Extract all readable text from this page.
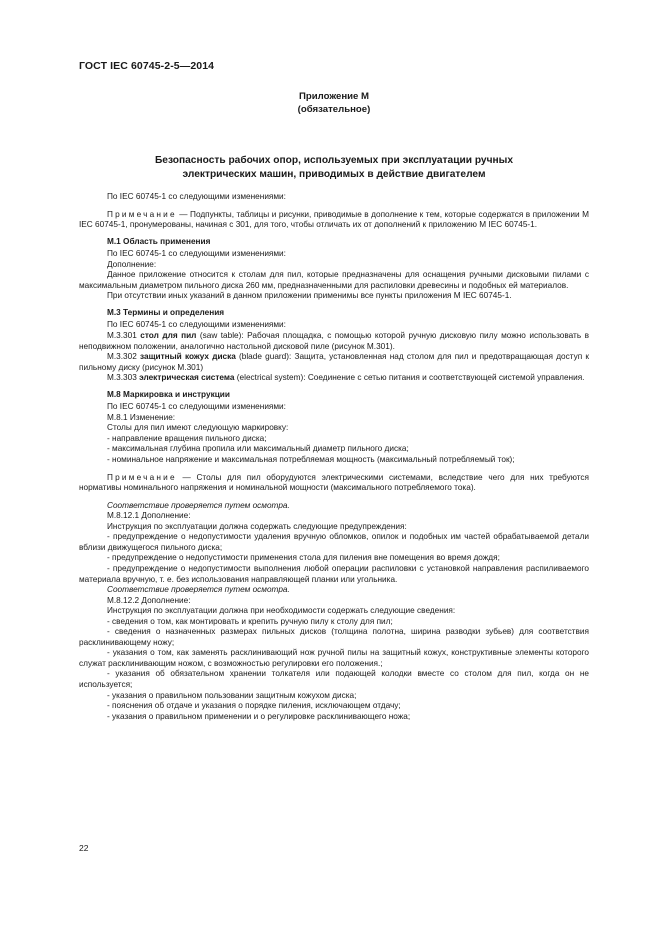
ГОСТ IEC 60745-2-5—2014
Приложение М
(обязательное)
Безопасность рабочих опор, используемых при эксплуатации ручных
электрических машин, приводимых в действие двигателем

По IEC 60745-1 со следующими изменениями:

Примечание — Подпункты, таблицы и рисунки, приводимые в дополнение к тем, которые содержатся в приложении М IEC 60745-1, пронумерованы, начиная с 301, для того, чтобы отличать их от дополнений к приложению М IEC 60745-1.

М.1 Область применения

По IEC 60745-1 со следующими изменениями:

Дополнение:

Данное приложение относится к столам для пил, которые предназначены для оснащения ручными дисковыми пилами с максимальным диаметром пильного диска 260 мм, предназначенными для распиловки древесины и подобных ей материалов.

При отсутствии иных указаний в данном приложении применимы все пункты приложения М IEC 60745-1.

М.3 Термины и определения

По IEC 60745-1 со следующими изменениями:

М.3.301 стол для пил (saw table): Рабочая площадка, с помощью которой ручную дисковую пилу можно использовать в неподвижном положении, аналогично настольной дисковой пиле (рисунок М.301).

М.3.302 защитный кожух диска (blade guard): Защита, установленная над столом для пил и предотвращающая доступ к пильному диску (рисунок М.301)

М.3.303 электрическая система (electrical system): Соединение с сетью питания и соответствующей системой управления.

М.8 Маркировка и инструкции

По IEC 60745-1 со следующими изменениями:

М.8.1 Изменение:

Столы для пил имеют следующую маркировку:

- направление вращения пильного диска;

- максимальная глубина пропила или максимальный диаметр пильного диска;

- номинальное напряжение и максимальная потребляемая мощность (максимальный потребляемый ток);

Примечание — Столы для пил оборудуются электрическими системами, вследствие чего для них требуются нормативы номинального напряжения и номинальной мощности (максимального потребляемого тока).

Соответствие проверяется путем осмотра.

М.8.12.1 Дополнение:

Инструкция по эксплуатации должна содержать следующие предупреждения:

- предупреждение о недопустимости удаления вручную обломков, опилок и подобных им частей обрабатываемой детали вблизи движущегося пильного диска;

- предупреждение о недопустимости применения стола для пиления вне помещения во время дождя;

- предупреждение о недопустимости выполнения любой операции распиловки с установкой направления распиливаемого материала вручную, т. е. без использования направляющей планки или угольника.

Соответствие проверяется путем осмотра.

М.8.12.2 Дополнение:

Инструкция по эксплуатации должна при необходимости содержать следующие сведения:

- сведения о том, как монтировать и крепить ручную пилу к столу для пил;

- сведения о назначенных размерах пильных дисков (толщина полотна, ширина разводки зубьев) для соответствия расклинивающему ножу;

- указания о том, как заменять расклинивающий нож ручной пилы на защитный кожух, конструктивные элементы которого служат расклинивающим ножом, с возможностью регулировки его положения.;

- указания об обязательном хранении толкателя или подающей колодки вместе со столом для пил, когда он не используется;

- указания о правильном пользовании защитным кожухом диска;

- пояснения об отдаче и указания о порядке пиления, исключающем отдачу;

- указания о правильном применении и о регулировке расклинивающего ножа;

22
